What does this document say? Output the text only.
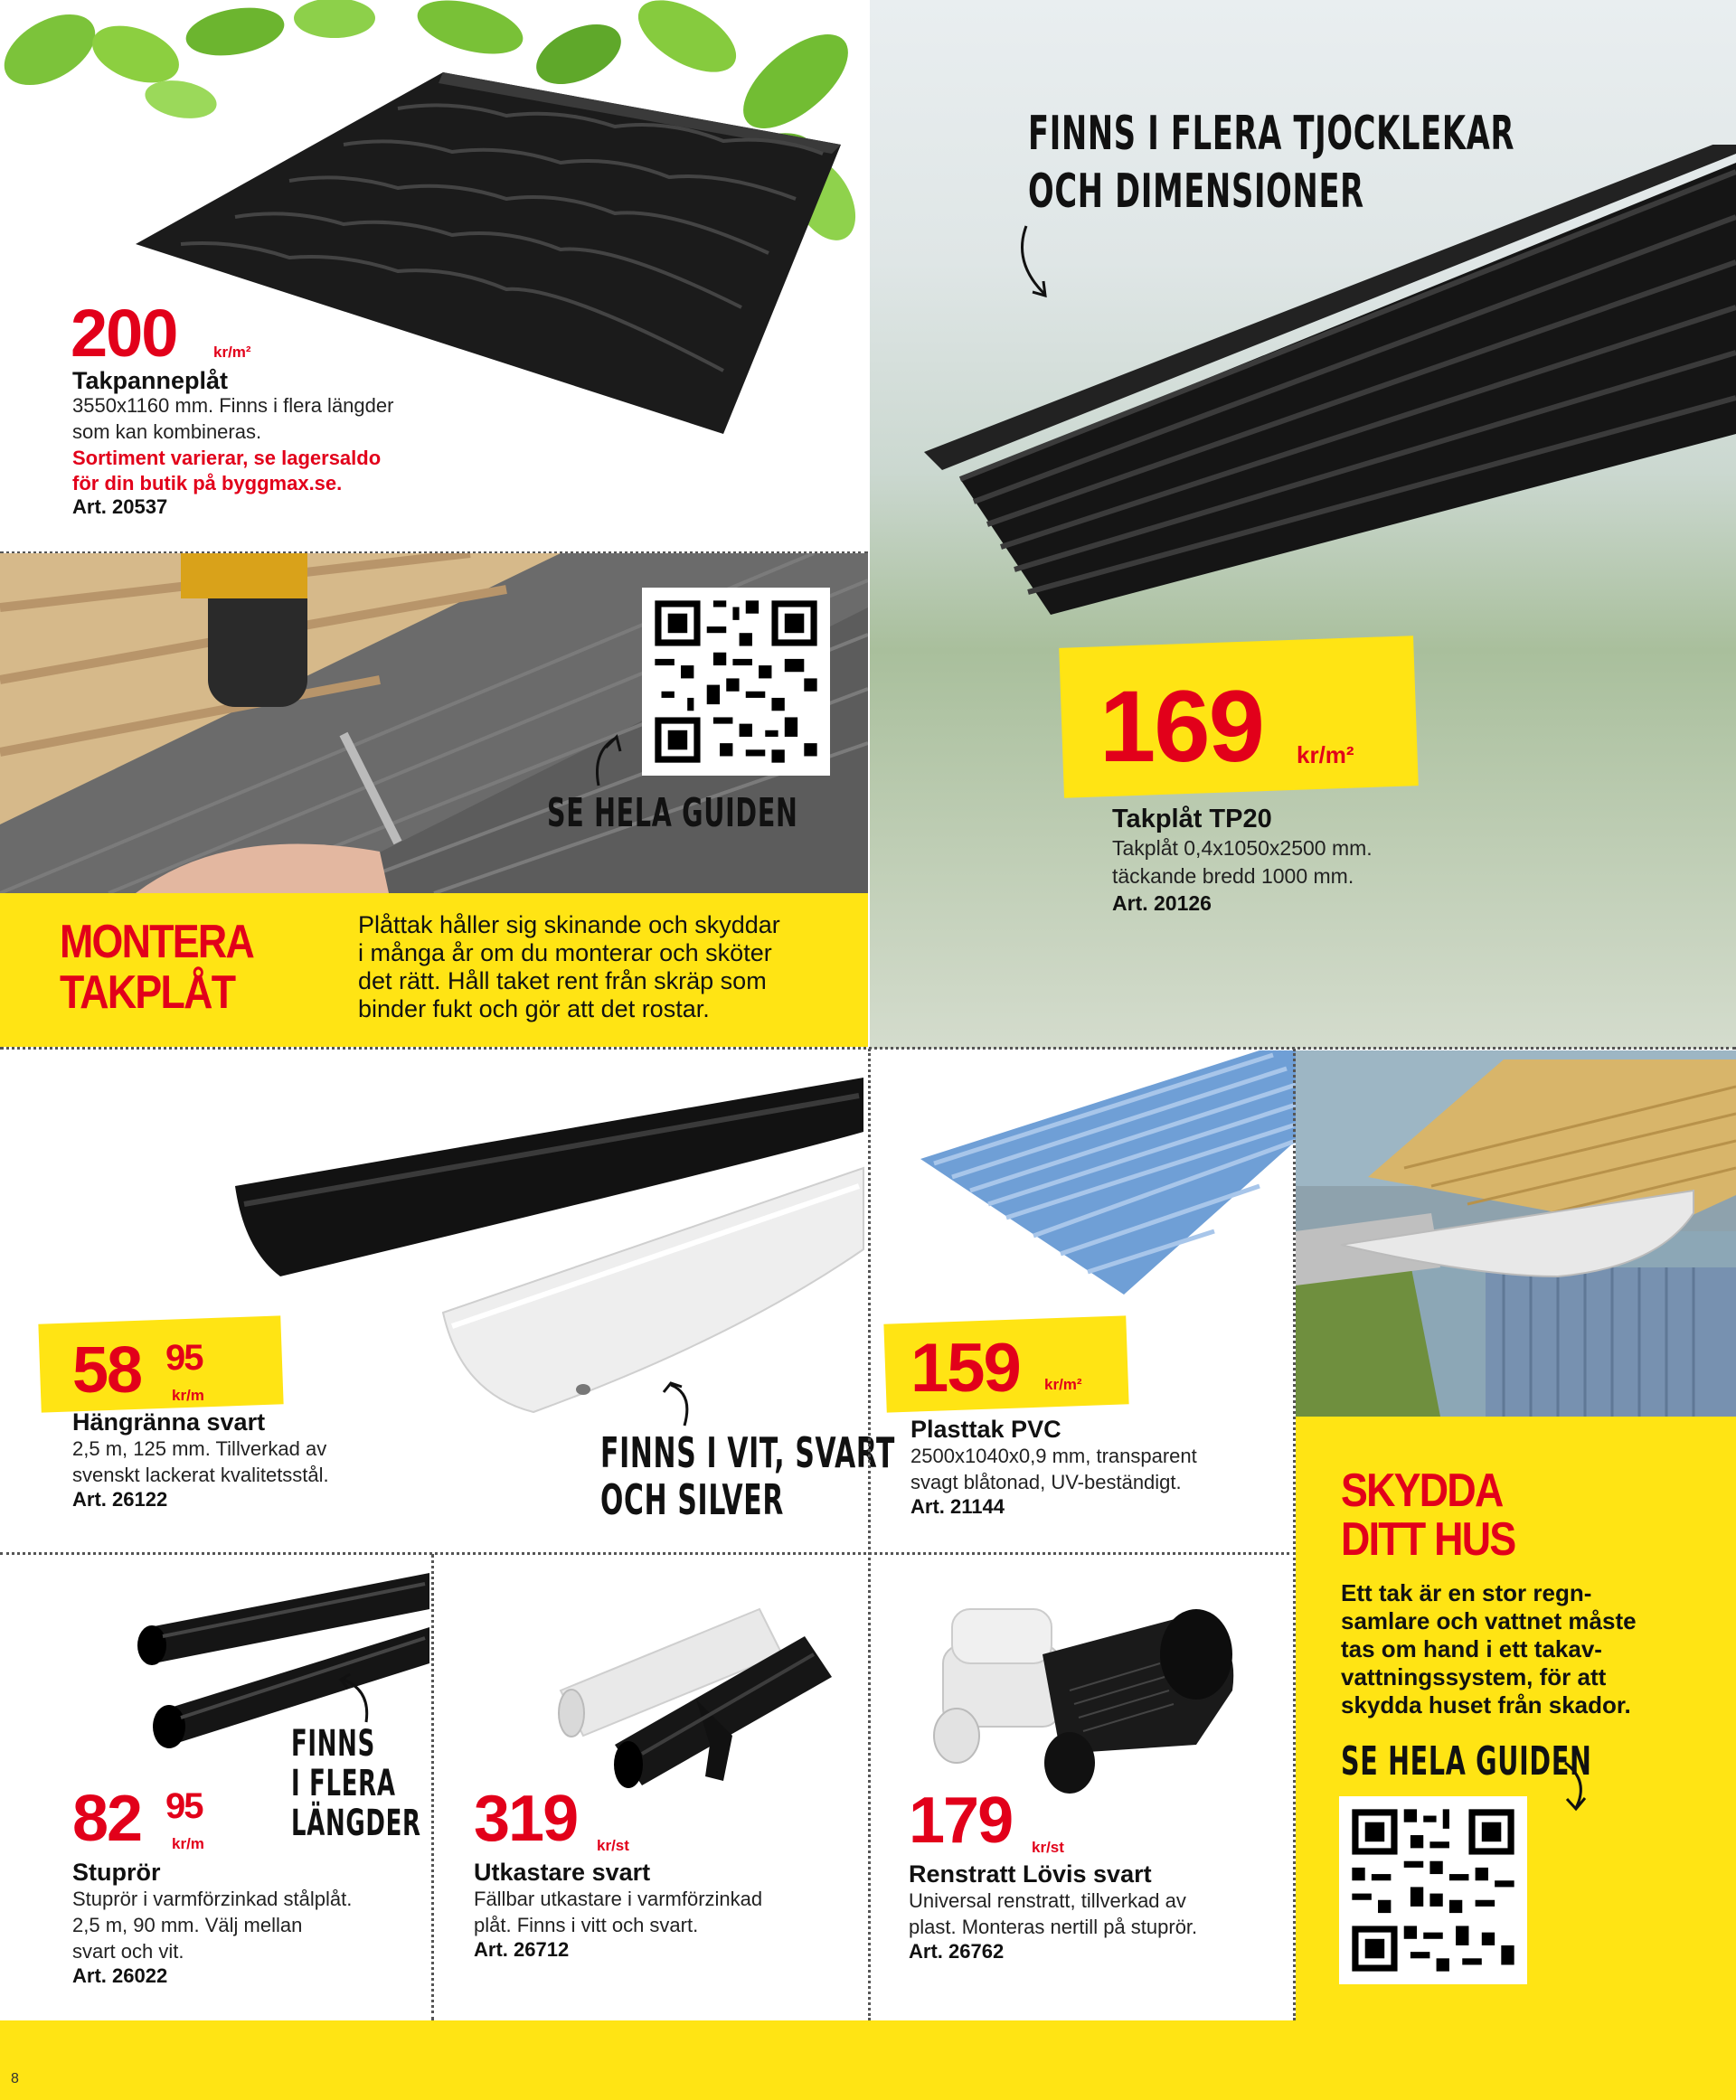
200 kr/m²
Takpanneplåt
3550x1160 mm. Finns i flera längder
som kan kombineras.
Sortiment varierar, se lagersaldo
för din butik på byggmax.se.
Art. 20537
FINNS I FLERA TJOCKLEKAR
OCH DIMENSIONER
169 kr/m²
Takplåt TP20
Takplåt 0,4x1050x2500 mm.
täckande bredd 1000 mm.
Art. 20126
SE HELA GUIDEN
MONTERA
TAKPLÅT
Plåttak håller sig skinande och skyddar
i många år om du monterar och sköter
det rätt. Håll taket rent från skräp som
binder fukt och gör att det rostar.
58 95
kr/m
Hängränna svart
2,5 m, 125 mm. Tillverkad av
svenskt lackerat kvalitetsstål.
Art. 26122
FINNS I VIT, SVART
OCH SILVER
159 kr/m²
Plasttak PVC
2500x1040x0,9 mm, transparent
svagt blåtonad, UV-beständigt.
Art. 21144	SKYDDA
DITT HUS
Ett tak är en stor regn-
samlare och vattnet måste
tas om hand i ett takav-
vattningssystem, för att
skydda huset från skador.
SE HELA GUIDEN
FINNS
I FLERA
LÄNGDER
82 95
kr/m
Stuprör
Stuprör i varmförzinkad stålplåt.
2,5 m, 90 mm. Välj mellan
svart och vit.
Art. 26022
319 kr/st
Utkastare svart
Fällbar utkastare i varmförzinkad
plåt. Finns i vitt och svart.
Art. 26712
179 kr/st
Renstratt Lövis svart
Universal renstratt, tillverkad av
plast. Monteras nertill på stuprör.
Art. 26762
8
